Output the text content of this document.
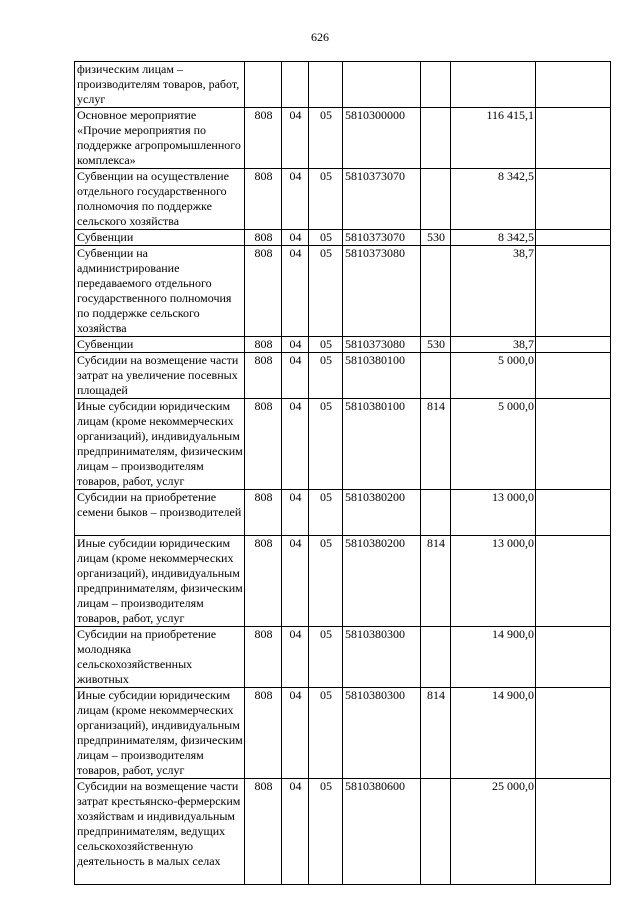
626
физическим лицам – производителям товаров, работ, услуг							
Основное мероприятие «Прочие мероприятия по поддержке агропромышленного комплекса»	808	04	05	5810300000		116 415,1	
Субвенции на осуществление отдельного государственного полномочия по поддержке сельского хозяйства	808	04	05	5810373070		8 342,5	
Субвенции	808	04	05	5810373070	530	8 342,5	
Субвенции на администрирование передаваемого отдельного государственного полномочия по поддержке сельского хозяйства	808	04	05	5810373080		38,7	
Субвенции	808	04	05	5810373080	530	38,7	
Субсидии на возмещение части затрат на увеличение посевных площадей	808	04	05	5810380100		5 000,0	
Иные субсидии юридическим лицам (кроме некоммерческих организаций), индивидуальным предпринимателям, физическим лицам – производителям товаров, работ, услуг	808	04	05	5810380100	814	5 000,0	
Субсидии на приобретение семени быков – производителей	808	04	05	5810380200		13 000,0	
Иные субсидии юридическим лицам (кроме некоммерческих организаций), индивидуальным предпринимателям, физическим лицам – производителям товаров, работ, услуг	808	04	05	5810380200	814	13 000,0	
Субсидии на приобретение молодняка сельскохозяйственных животных	808	04	05	5810380300		14 900,0	
Иные субсидии юридическим лицам (кроме некоммерческих организаций), индивидуальным предпринимателям, физическим лицам – производителям товаров, работ, услуг	808	04	05	5810380300	814	14 900,0	
Субсидии на возмещение части затрат крестьянско-фермерским хозяйствам и индивидуальным предпринимателям, ведущих сельскохозяйственную деятельность в малых селах	808	04	05	5810380600		25 000,0	
